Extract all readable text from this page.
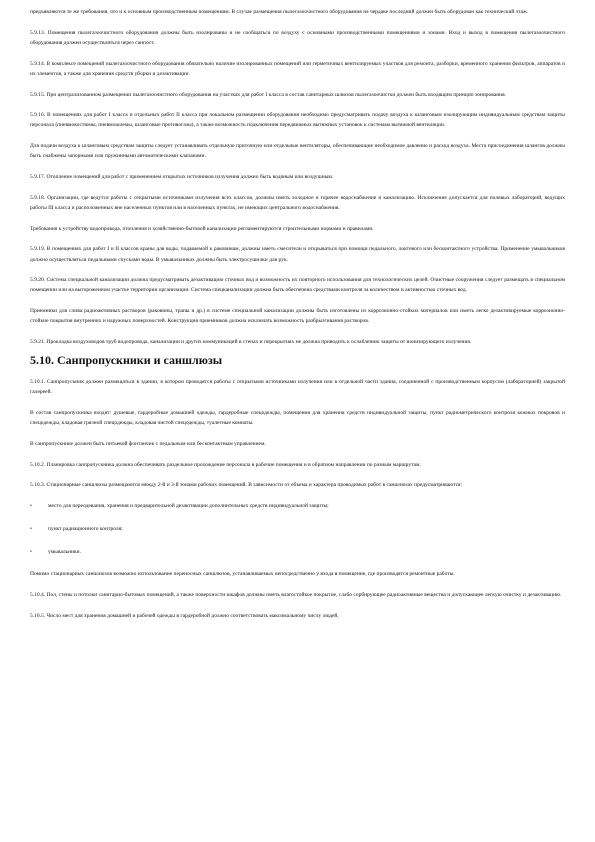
предъявляются те же требования, что и к основным производственным помещениям. В случае размещения пылегазоочистного оборудования на чердаке последний должен быть оборудован как технический этаж.

5.9.13. Помещения пылегазоочистного оборудования должны быть изолированы и не сообщаться по воздуху с основными производственными помещениями и зонами. Вход и выход в помещения пылегазоочистного оборудования должен осуществляться через санпост.

5.9.14. В комплексе помещений пылегазоочистного оборудования обязательно наличие изолированных помещений или герметичных вентилируемых участков для ремонта, разборки, временного хранения фильтров, аппаратов и их элементов, а также для хранения средств уборки и дезактивации.

5.9.15. При централизованном размещении пылегазоочистного оборудования на участках для работ I класса в состав санитарных шлюзов пылегазоочистки должен быть входящим принцип зонирования.

5.9.16. В помещениях для работ I класса и отдельных работ II класса при локальном размещении оборудования необходимо предусматривать подачу воздуха к шланговым изолирующим индивидуальным средствам защиты персонала (пневмокостюмы, пневмошлемы, шланговые противогазы), а также возможность подключения передвижных вытяжных установок к системам вытяжной вентиляции.

Для подачи воздуха к шланговым средствам защиты следует устанавливать отдельную приточную или отдельные вентиляторы, обеспечивающие необходимое давление и расход воздуха. Места присоединения шлангов должны быть снабжены запорными или пружинными автоматическими клапанами.

5.9.17. Отопление помещений для работ с применением открытых источников излучения должно быть водяным или воздушным.

5.9.18. Организации, где ведутся работы с открытыми источниками излучения всех классов, должны иметь холодное и горячее водоснабжение и канализацию. Исключение допускается для полевых лабораторий, ведущих работы III класса и расположенных вне населенных пунктов или в населенных пунктах, не имеющих центрального водоснабжения.

Требования к устройству водопровода, отопления и хозяйственно-бытовой канализации регламентируются строительными нормами и правилами.

5.9.19. В помещениях для работ I и II классов краны для воды, подаваемой к раковинам, должны иметь смесители и открываться при помощи педального, локтевого или бесконтактного устройства. Применение умывальников должно осуществляться педальными спусками воды. В умывальниках должны быть электросушилки для рук.

5.9.20. Система специальной канализации должна предусматривать дезактивацию сточных вод и возможность их повторного использования для технологических целей. Очистные сооружения следует размещать в специальном помещении или на выгороженном участке территории организации. Система спецканализации должна быть обеспечена средствами контроля за количеством и активностью сточных вод.

Приемники для слива радиоактивных растворов (раковины, трапы и др.) в системе специальной канализации должны быть изготовлены из коррозионно-стойких материалов или иметь легко дезактивируемые коррозионно-стойкие покрытия внутренних и наружных поверхностей. Конструкция приемников должна исключать возможность разбрызгивания растворов.

5.9.21. Прокладка воздуховодов труб водопровода, канализации и других коммуникаций в стенах и перекрытиях не должна приводить к ослаблению защиты от ионизирующего излучения.

5.10. Санпропускники и саншлюзы

5.10.1. Санпропускник должен размещаться в здании, в котором проводятся работы с открытыми источниками излучения или в отдельной части здания, соединенной с производственным корпусом (лабораторией) закрытой галереей.

В состав санпропускника входят: душевые, гардеробные домашней одежды, гардеробные спецодежды, помещения для хранения средств индивидуальной защиты, пункт радиометрического контроля кожных покровов и спецодежды, кладовая грязной спецодежды, кладовая чистой спецодежды, туалетные комнаты.

В санпропускнике должен быть питьевой фонтанчик с педальным или бесконтактным управлением.

5.10.2. Планировка санпропускника должна обеспечивать раздельное прохождение персонала в рабочие помещения и в обратном направлении по разным маршрутам.

5.10.3. Стационарные саншлюзы размещаются между 2-й и 3-й зонами рабочих помещений. В зависимости от объема и характера проводимых работ в саншлюзах предусматриваются:

•	место для переодевания, хранения и предварительной дезактивации дополнительных средств индивидуальной защиты;
•	пункт радиационного контроля;
•	умывальники.

Помимо стационарных саншлюзов возможно использование переносных саншлюзов, устанавливаемых непосредственно у входа в помещение, где производятся ремонтные работы.

5.10.4. Пол, стены и потолки санитарно-бытовых помещений, а также поверхности шкафов должны иметь влагостойкое покрытие, слабо сорбирующее радиоактивные вещества и допускающее легкую очистку и дезактивацию.

5.10.5. Число мест для хранения домашней и рабочей одежды в гардеробной должно соответствовать максимальному числу людей,
